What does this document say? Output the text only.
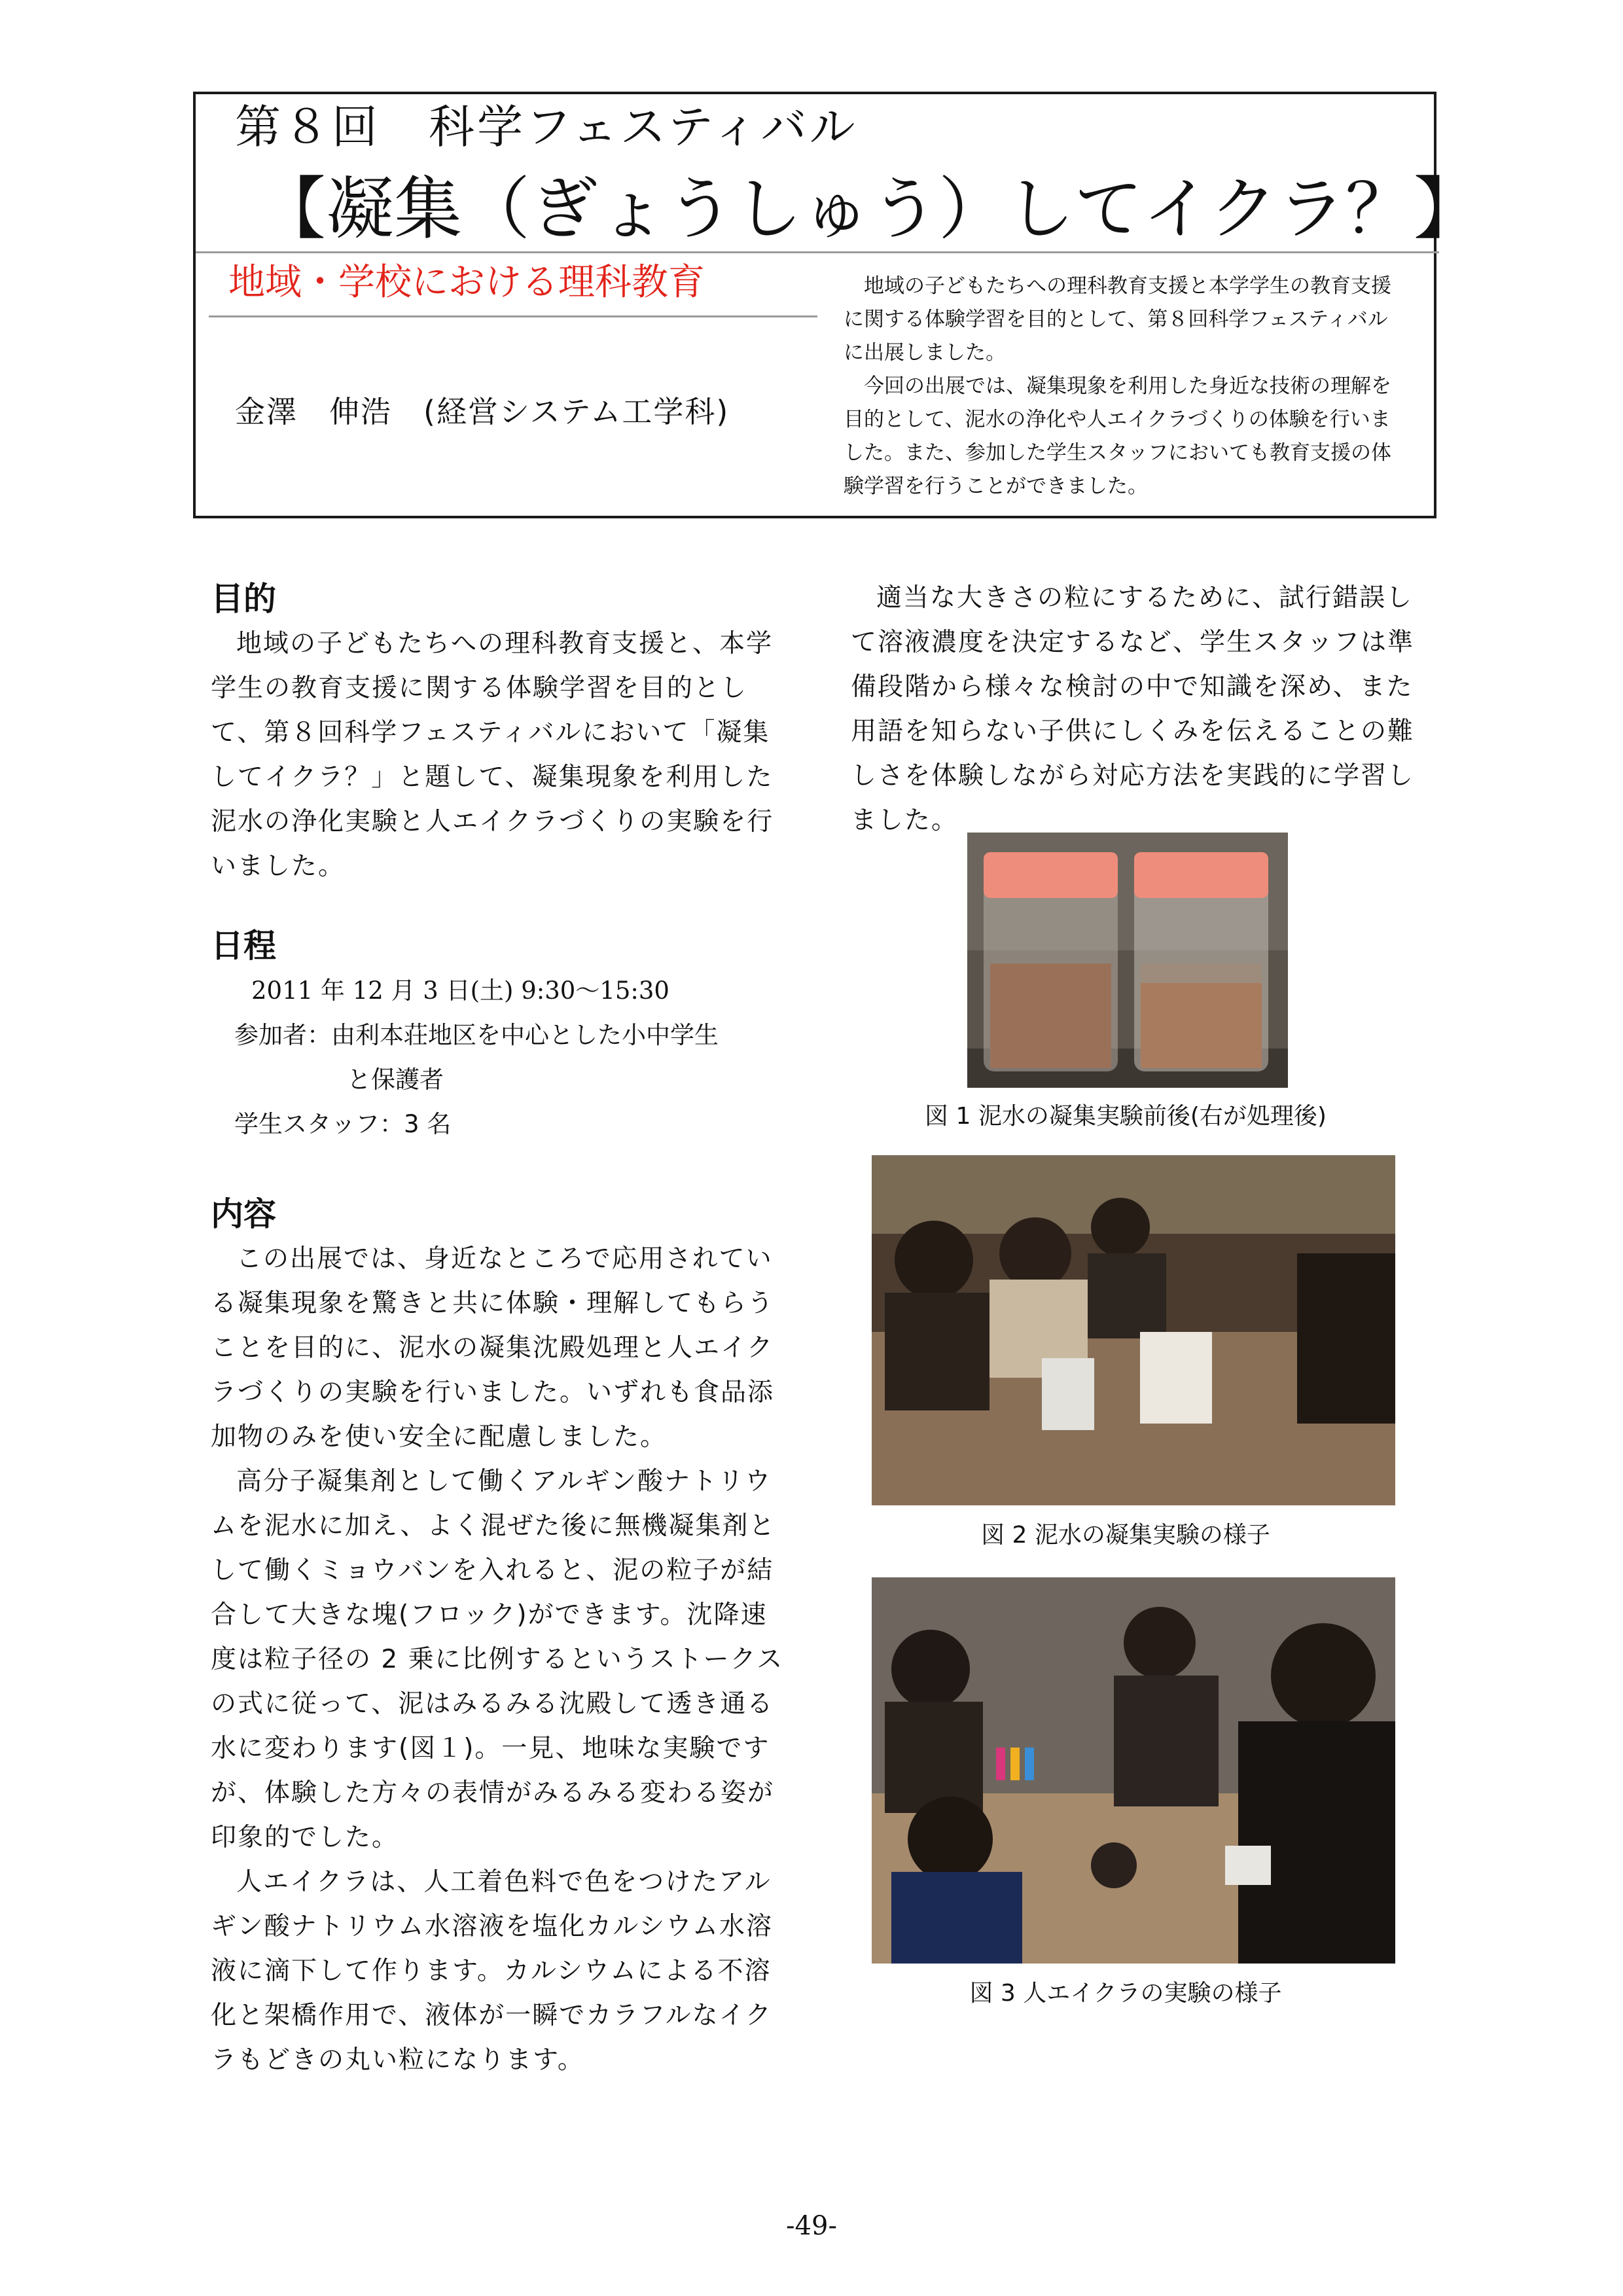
第８回　科学フェスティバル
【凝集（ぎょうしゅう）してイクラ？】
地域・学校における理科教育
金澤　伸浩　(経営システム工学科)

地域の子どもたちへの理科教育支援と本学学生の教育支援に関する体験学習を目的として、第８回科学フェスティバルに出展しました。

今回の出展では、凝集現象を利用した身近な技術の理解を目的として、泥水の浄化や人エイクラづくりの体験を行いました。また、参加した学生スタッフにおいても教育支援の体験学習を行うことができました。

目的

地域の子どもたちへの理科教育支援と、本学学生の教育支援に関する体験学習を目的として、第８回科学フェスティバルにおいて「凝集してイクラ？」と題して、凝集現象を利用した泥水の浄化実験と人エイクラづくりの実験を行いました。

日程
2011 年 12 月 3 日(土) 9:30～15:30
参加者：由利本荘地区を中心とした小中学生
と保護者
学生スタッフ：3 名
内容

この出展では、身近なところで応用されている凝集現象を驚きと共に体験・理解してもらうことを目的に、泥水の凝集沈殿処理と人エイクラづくりの実験を行いました。いずれも食品添加物のみを使い安全に配慮しました。

高分子凝集剤として働くアルギン酸ナトリウムを泥水に加え、よく混ぜた後に無機凝集剤として働くミョウバンを入れると、泥の粒子が結合して大きな塊(フロック)ができます。沈降速度は粒子径の 2 乗に比例するというストークスの式に従って、泥はみるみる沈殿して透き通る水に変わります(図１)。一見、地味な実験ですが、体験した方々の表情がみるみる変わる姿が印象的でした。

人エイクラは、人工着色料で色をつけたアルギン酸ナトリウム水溶液を塩化カルシウム水溶液に滴下して作ります。カルシウムによる不溶化と架橋作用で、液体が一瞬でカラフルなイクラもどきの丸い粒になります。

適当な大きさの粒にするために、試行錯誤して溶液濃度を決定するなど、学生スタッフは準備段階から様々な検討の中で知識を深め、また用語を知らない子供にしくみを伝えることの難しさを体験しながら対応方法を実践的に学習しました。

図 1 泥水の凝集実験前後(右が処理後)
図 2 泥水の凝集実験の様子
図 3 人エイクラの実験の様子
-49-
